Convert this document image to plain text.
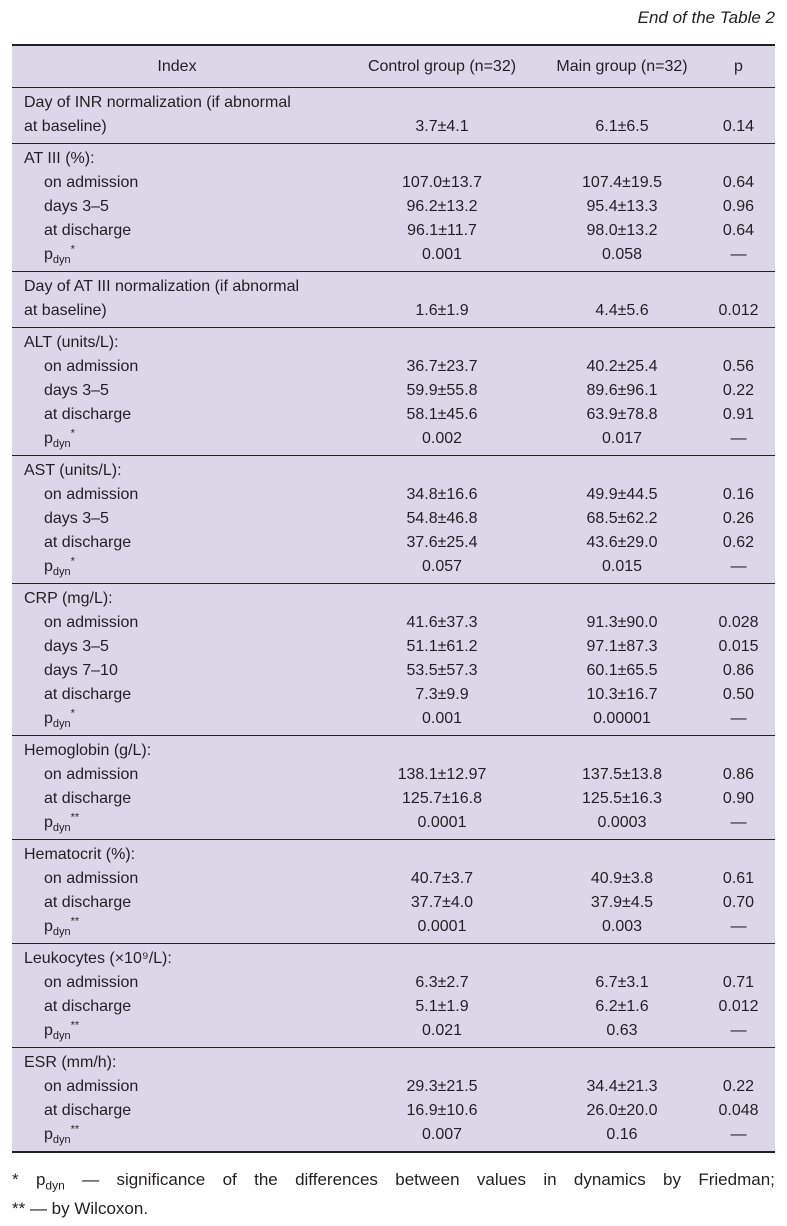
End of the Table 2
Index	Control group (n=32)	Main group (n=32)	p
Day of INR normalization (if abnormal
at baseline)	3.7±4.1	6.1±6.5	0.14
AT III (%):
on admission	107.0±13.7	107.4±19.5	0.64
days 3–5	96.2±13.2	95.4±13.3	0.96
at discharge	96.1±11.7	98.0±13.2	0.64
$p_{dyn}^*$	0.001	0.058	—
Day of AT III normalization (if abnormal
at baseline)	1.6±1.9	4.4±5.6	0.012
ALT (units/L):
on admission	36.7±23.7	40.2±25.4	0.56
days 3–5	59.9±55.8	89.6±96.1	0.22
at discharge	58.1±45.6	63.9±78.8	0.91
$p_{dyn}^*$	0.002	0.017	—
AST (units/L):
on admission	34.8±16.6	49.9±44.5	0.16
days 3–5	54.8±46.8	68.5±62.2	0.26
at discharge	37.6±25.4	43.6±29.0	0.62
$p_{dyn}^*$	0.057	0.015	—
CRP (mg/L):
on admission	41.6±37.3	91.3±90.0	0.028
days 3–5	51.1±61.2	97.1±87.3	0.015
days 7–10	53.5±57.3	60.1±65.5	0.86
at discharge	7.3±9.9	10.3±16.7	0.50
$p_{dyn}^*$	0.001	0.00001	—
Hemoglobin (g/L):
on admission	138.1±12.97	137.5±13.8	0.86
at discharge	125.7±16.8	125.5±16.3	0.90
$p_{dyn}^{**}$	0.0001	0.0003	—
Hematocrit (%):
on admission	40.7±3.7	40.9±3.8	0.61
at discharge	37.7±4.0	37.9±4.5	0.70
$p_{dyn}^{**}$	0.0001	0.003	—
Leukocytes (×10⁹/L):
on admission	6.3±2.7	6.7±3.1	0.71
at discharge	5.1±1.9	6.2±1.6	0.012
$p_{dyn}^{**}$	0.021	0.63	—
ESR (mm/h):
on admission	29.3±21.5	34.4±21.3	0.22
at discharge	16.9±10.6	26.0±20.0	0.048
$p_{dyn}^{**}$	0.007	0.16	—
* $p_{dyn}$ — significance of the differences between values in dynamics by Friedman;
** — by Wilcoxon.
